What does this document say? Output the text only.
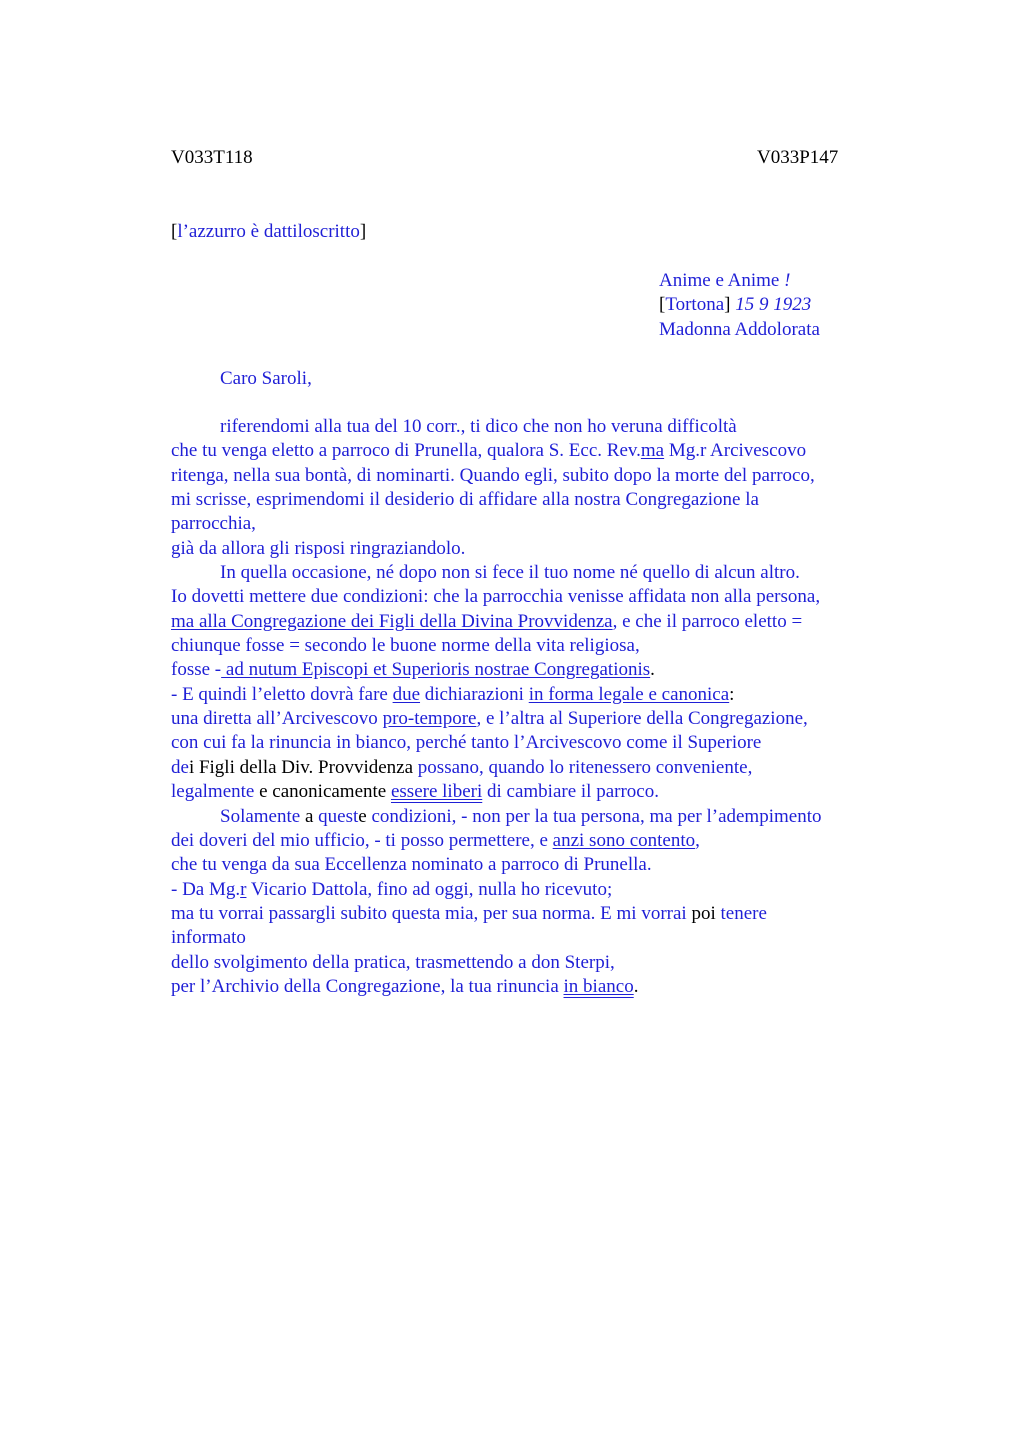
V033T118	V033P147
[l’azzurro è dattiloscritto]
Anime e Anime !
[Tortona] 15 9 1923
Madonna Addolorata
Caro Saroli,
riferendomi alla tua del 10 corr., ti dico che non ho veruna difficoltà
che tu venga eletto a parroco di Prunella, qualora S. Ecc. Rev.ma Mg.r Arcivescovo
ritenga, nella sua bontà, di nominarti. Quando egli, subito dopo la morte del parroco,
mi scrisse, esprimendomi il desiderio di affidare alla nostra Congregazione la
parrocchia,
già da allora gli risposi ringraziandolo.
In quella occasione, né dopo non si fece il tuo nome né quello di alcun altro.
Io dovetti mettere due condizioni: che la parrocchia venisse affidata non alla persona,
ma alla Congregazione dei Figli della Divina Provvidenza, e che il parroco eletto =
chiunque fosse = secondo le buone norme della vita religiosa,
fosse - ad nutum Episcopi et Superioris nostrae Congregationis.
- E quindi l’eletto dovrà fare due dichiarazioni in forma legale e canonica:
una diretta all’Arcivescovo pro-tempore, e l’altra al Superiore della Congregazione,
con cui fa la rinuncia in bianco, perché tanto l’Arcivescovo come il Superiore
dei Figli della Div. Provvidenza possano, quando lo ritenessero conveniente,
legalmente e canonicamente essere liberi di cambiare il parroco.
Solamente a queste condizioni, - non per la tua persona, ma per l’adempimento
dei doveri del mio ufficio, - ti posso permettere, e anzi sono contento,
che tu venga da sua Eccellenza nominato a parroco di Prunella.
- Da Mg.r Vicario Dattola, fino ad oggi, nulla ho ricevuto;
ma tu vorrai passargli subito questa mia, per sua norma. E mi vorrai poi tenere
informato
dello svolgimento della pratica, trasmettendo a don Sterpi,
per l’Archivio della Congregazione, la tua rinuncia in bianco.
